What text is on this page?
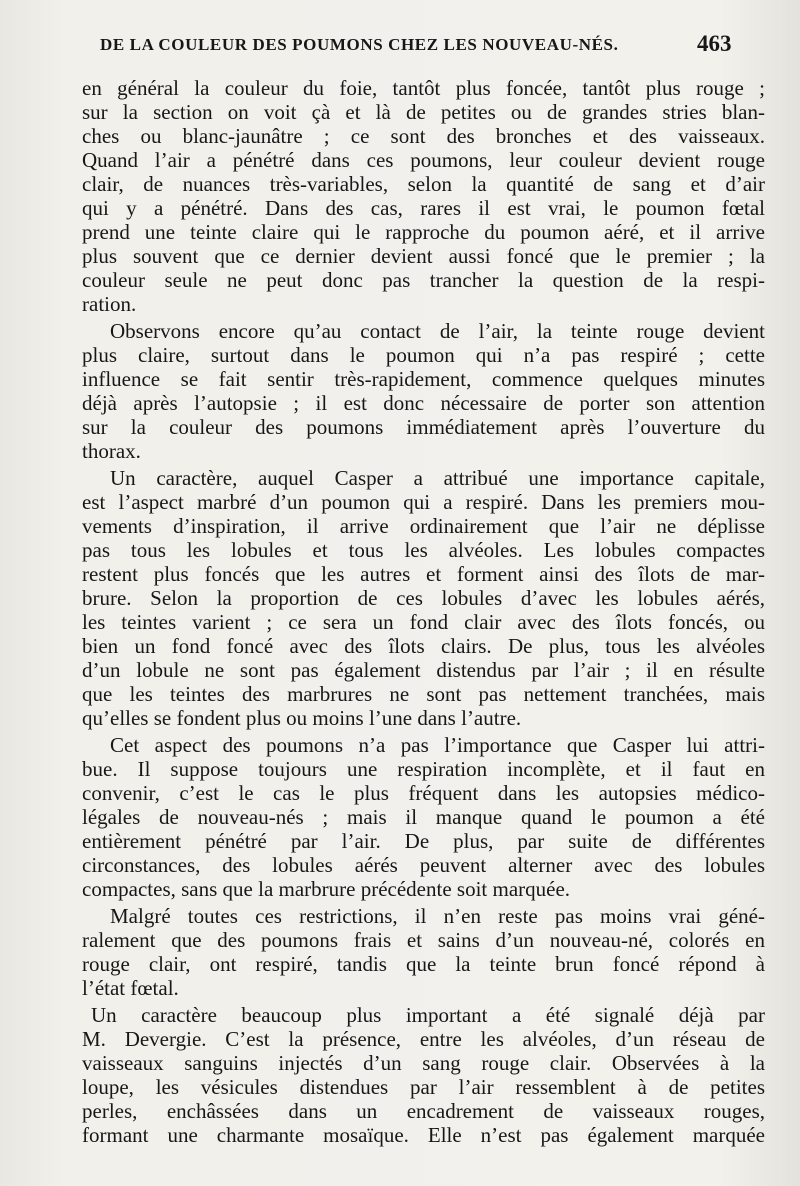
DE LA COULEUR DES POUMONS CHEZ LES NOUVEAU-NÉS.	463
en général la couleur du foie, tantôt plus foncée, tantôt plus rouge ;
sur la section on voit çà et là de petites ou de grandes stries blan-
ches ou blanc-jaunâtre ; ce sont des bronches et des vaisseaux.
Quand l’air a pénétré dans ces poumons, leur couleur devient rouge
clair, de nuances très-variables, selon la quantité de sang et d’air
qui y a pénétré. Dans des cas, rares il est vrai, le poumon fœtal
prend une teinte claire qui le rapproche du poumon aéré, et il arrive
plus souvent que ce dernier devient aussi foncé que le premier ; la
couleur seule ne peut donc pas trancher la question de la respi-
ration.
Observons encore qu’au contact de l’air, la teinte rouge devient
plus claire, surtout dans le poumon qui n’a pas respiré ; cette
influence se fait sentir très-rapidement, commence quelques minutes
déjà après l’autopsie ; il est donc nécessaire de porter son attention
sur la couleur des poumons immédiatement après l’ouverture du
thorax.
Un caractère, auquel Casper a attribué une importance capitale,
est l’aspect marbré d’un poumon qui a respiré. Dans les premiers mou-
vements d’inspiration, il arrive ordinairement que l’air ne déplisse
pas tous les lobules et tous les alvéoles. Les lobules compactes
restent plus foncés que les autres et forment ainsi des îlots de mar-
brure. Selon la proportion de ces lobules d’avec les lobules aérés,
les teintes varient ; ce sera un fond clair avec des îlots foncés, ou
bien un fond foncé avec des îlots clairs. De plus, tous les alvéoles
d’un lobule ne sont pas également distendus par l’air ; il en résulte
que les teintes des marbrures ne sont pas nettement tranchées, mais
qu’elles se fondent plus ou moins l’une dans l’autre.
Cet aspect des poumons n’a pas l’importance que Casper lui attri-
bue. Il suppose toujours une respiration incomplète, et il faut en
convenir, c’est le cas le plus fréquent dans les autopsies médico-
légales de nouveau-nés ; mais il manque quand le poumon a été
entièrement pénétré par l’air. De plus, par suite de différentes
circonstances, des lobules aérés peuvent alterner avec des lobules
compactes, sans que la marbrure précédente soit marquée.
Malgré toutes ces restrictions, il n’en reste pas moins vrai géné-
ralement que des poumons frais et sains d’un nouveau-né, colorés en
rouge clair, ont respiré, tandis que la teinte brun foncé répond à
l’état fœtal.
Un caractère beaucoup plus important a été signalé déjà par
M. Devergie. C’est la présence, entre les alvéoles, d’un réseau de
vaisseaux sanguins injectés d’un sang rouge clair. Observées à la
loupe, les vésicules distendues par l’air ressemblent à de petites
perles, enchâssées dans un encadrement de vaisseaux rouges,
formant une charmante mosaïque. Elle n’est pas également marquée
